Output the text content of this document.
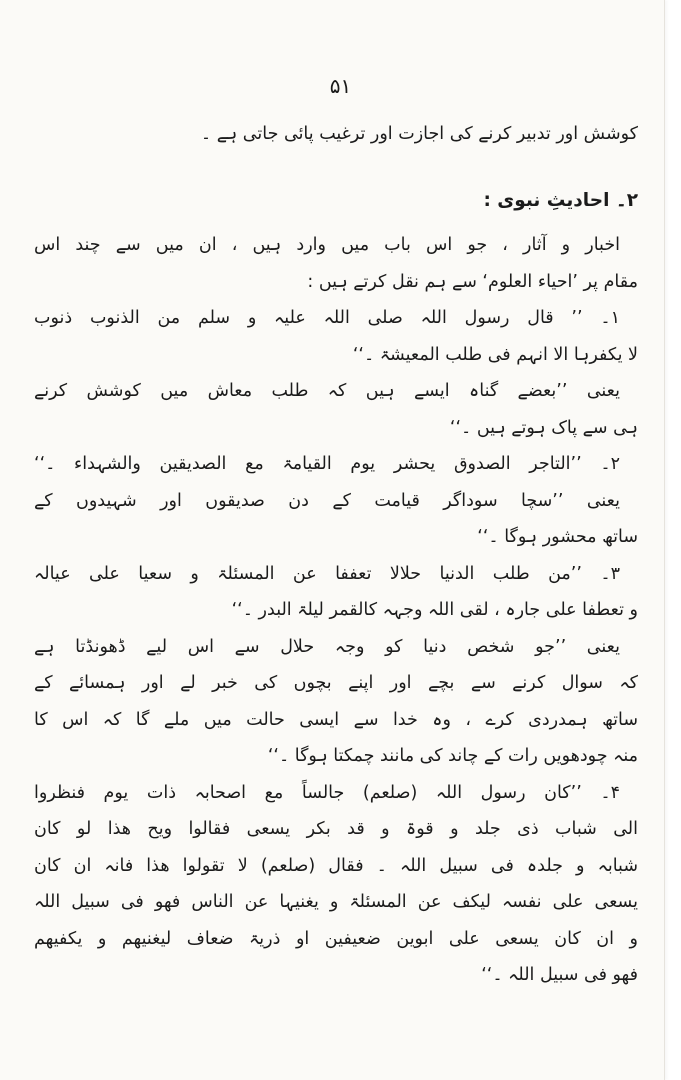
۵۱
کوشش اور تدبیر کرنے کی اجازت اور ترغیب پائی جاتی ہے ۔
۲۔ احادیثِ نبوی :
اخبار و آثار ، جو اس باب میں وارد ہیں ، ان میں سے چند اس
مقام پر ’احیاء العلوم‘ سے ہم نقل کرتے ہیں :
۱۔ ’’ قال رسول اللہ صلی اللہ علیہ و سلم من الذنوب ذنوب
لا یکفرہا الا انہم فی طلب المعیشۃ ۔‘‘
یعنی ’’بعضے گناہ ایسے ہیں کہ طلب معاش میں کوشش کرنے
ہی سے پاک ہوتے ہیں ۔‘‘
۲۔ ’’التاجر الصدوق یحشر یوم القیامۃ مع الصدیقین والشہداء ۔‘‘
یعنی ’’سچا سوداگر قیامت کے دن صدیقوں اور شہیدوں کے
ساتھ محشور ہوگا ۔‘‘
۳۔ ’’من طلب الدنیا حلالا تعففا عن المسئلۃ و سعیا علی عیالہ
و تعطفا علی جارہ ، لقی اللہ وجہہ کالقمر لیلۃ البدر ۔‘‘
یعنی ’’جو شخص دنیا کو وجہ حلال سے اس لیے ڈھونڈتا ہے
کہ سوال کرنے سے بچے اور اپنے بچوں کی خبر لے اور ہمسائے کے
ساتھ ہمدردی کرے ، وہ خدا سے ایسی حالت میں ملے گا کہ اس کا
منہ چودھویں رات کے چاند کی مانند چمکتا ہوگا ۔‘‘
۴۔ ’’کان رسول اللہ (صلعم) جالساً مع اصحابہ ذات یوم فنظروا
الی شباب ذی جلد و قوۃ و قد بکر یسعی فقالوا ویح ھذا لو کان
شبابہ و جلدہ فی سبیل اللہ ۔ فقال (صلعم) لا تقولوا ھذا فانہ ان کان
یسعی علی نفسہ لیکف عن المسئلۃ و یغنیہا عن الناس فھو فی سبیل اللہ
و ان کان یسعی علی ابوین ضعیفین او ذریۃ ضعاف لیغنیھم و یکفیھم
فھو فی سبیل اللہ ۔‘‘
